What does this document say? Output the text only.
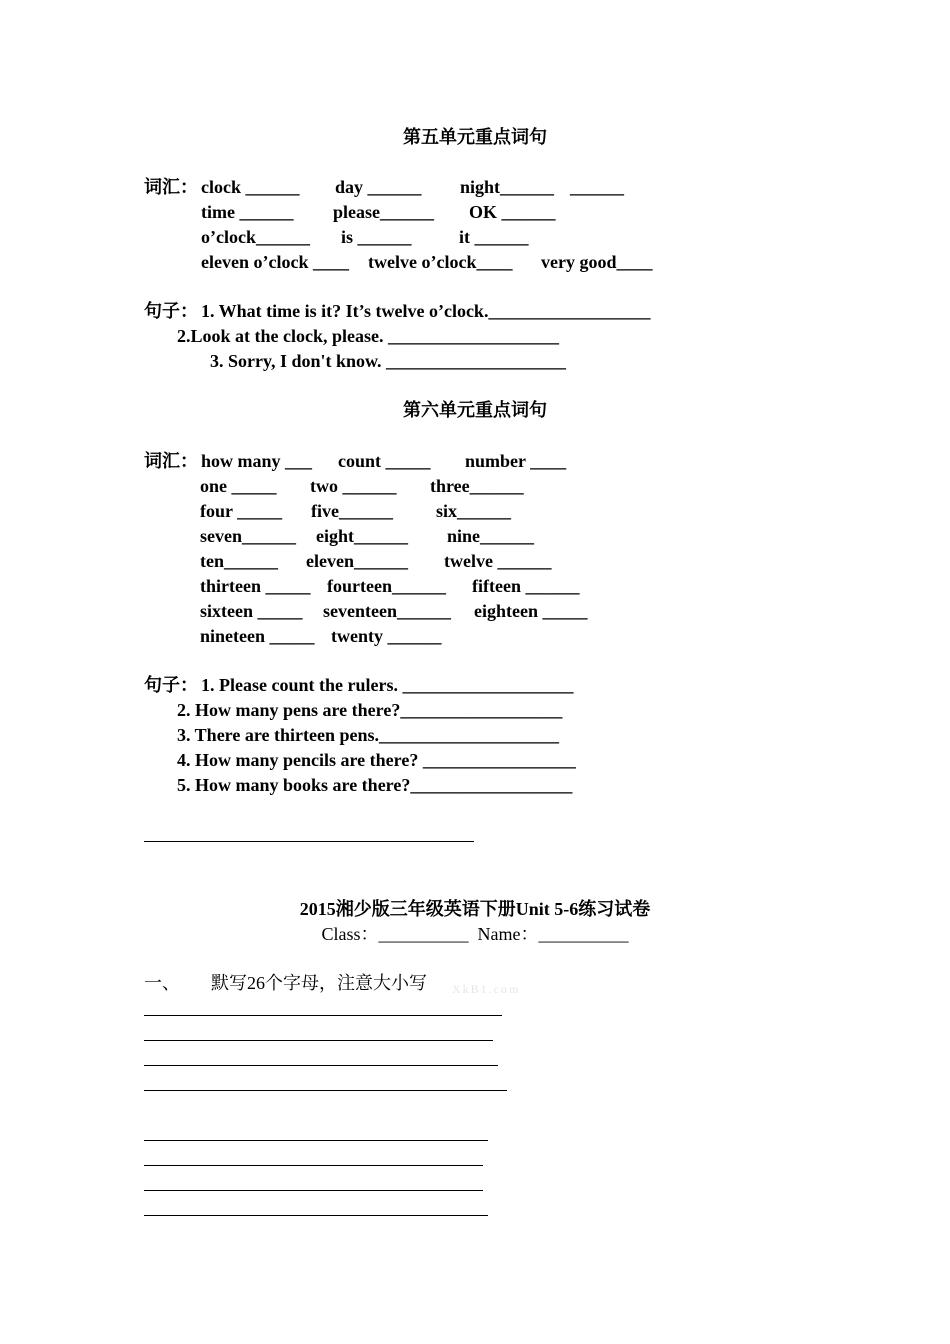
第五单元重点词句
词汇： clock ______ day ______ night______ ______
time ______ please______ OK ______
o’clock______ is ______	it ______
eleven o’clock ____ twelve o’clock____ very good____
句子： 1. What time is it? It’s twelve o’clock.__________________
2.Look at the clock, please. ___________________
3. Sorry, I don't know. ____________________
第六单元重点词句
词汇： how many ___ count _____ number ____
one _____ two ______ three______
four _____ five______ six______
seven______ eight______ nine______
ten______ eleven______ twelve ______
thirteen _____ fourteen______ fifteen ______
sixteen _____ seventeen______ eighteen _____
nineteen _____ twenty ______
句子： 1. Please count the rulers. ___________________
2. How many pens are there?__________________
3. There are thirteen pens.____________________
4. How many pencils are there? _________________
5. How many books are there?__________________
2015湘少版三年级英语下册Unit 5-6练习试卷
Class：__________  Name：__________
一、 默写26个字母，注意大小写 XkB1.com
